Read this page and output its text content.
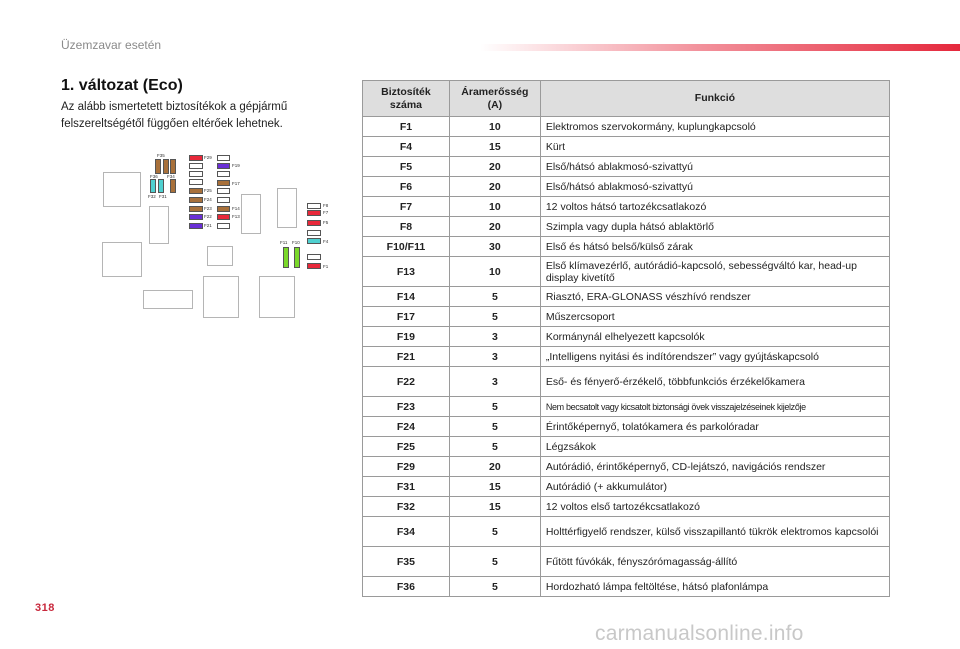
Üzemzavar esetén
1. változat (Eco)
Az alább ismertetett biztosítékok a gépjármű felszereltségétől függően eltérőek lehetnek.
F35
F36 F34
F32 F31
F29
F19
F17
F25
F24
F23	F14
F22	F13
F21
F8
F7
F5
F4
F1
F11 F10
Biztosíték száma	Áramerősség (A)	Funkció
F1	10	Elektromos szervokormány, kuplungkapcsoló
F4	15	Kürt
F5	20	Első/hátsó ablakmosó-szivattyú
F6	20	Első/hátsó ablakmosó-szivattyú
F7	10	12 voltos hátsó tartozékcsatlakozó
F8	20	Szimpla vagy dupla hátsó ablaktörlő
F10/F11	30	Első és hátsó belső/külső zárak
F13	10	Első klímavezérlő, autórádió-kapcsoló, sebességváltó kar, head-up display kivetítő
F14	5	Riasztó, ERA-GLONASS vészhívó rendszer
F17	5	Műszercsoport
F19	3	Kormánynál elhelyezett kapcsolók
F21	3	„Intelligens nyitási és indítórendszer” vagy gyújtáskapcsoló
F22	3	Eső- és fényerő-érzékelő, többfunkciós érzékelőkamera
F23	5	Nem becsatolt vagy kicsatolt biztonsági övek visszajelzéseinek kijelzője
F24	5	Érintőképernyő, tolatókamera és parkolóradar
F25	5	Légzsákok
F29	20	Autórádió, érintőképernyő, CD-lejátszó, navigációs rendszer
F31	15	Autórádió (+ akkumulátor)
F32	15	12 voltos első tartozékcsatlakozó
F34	5	Holttérfigyelő rendszer, külső visszapillantó tükrök elektromos kapcsolói
F35	5	Fűtött fúvókák, fényszórómagasság-állító
F36	5	Hordozható lámpa feltöltése, hátsó plafonlámpa
318
carmanualsonline.info
